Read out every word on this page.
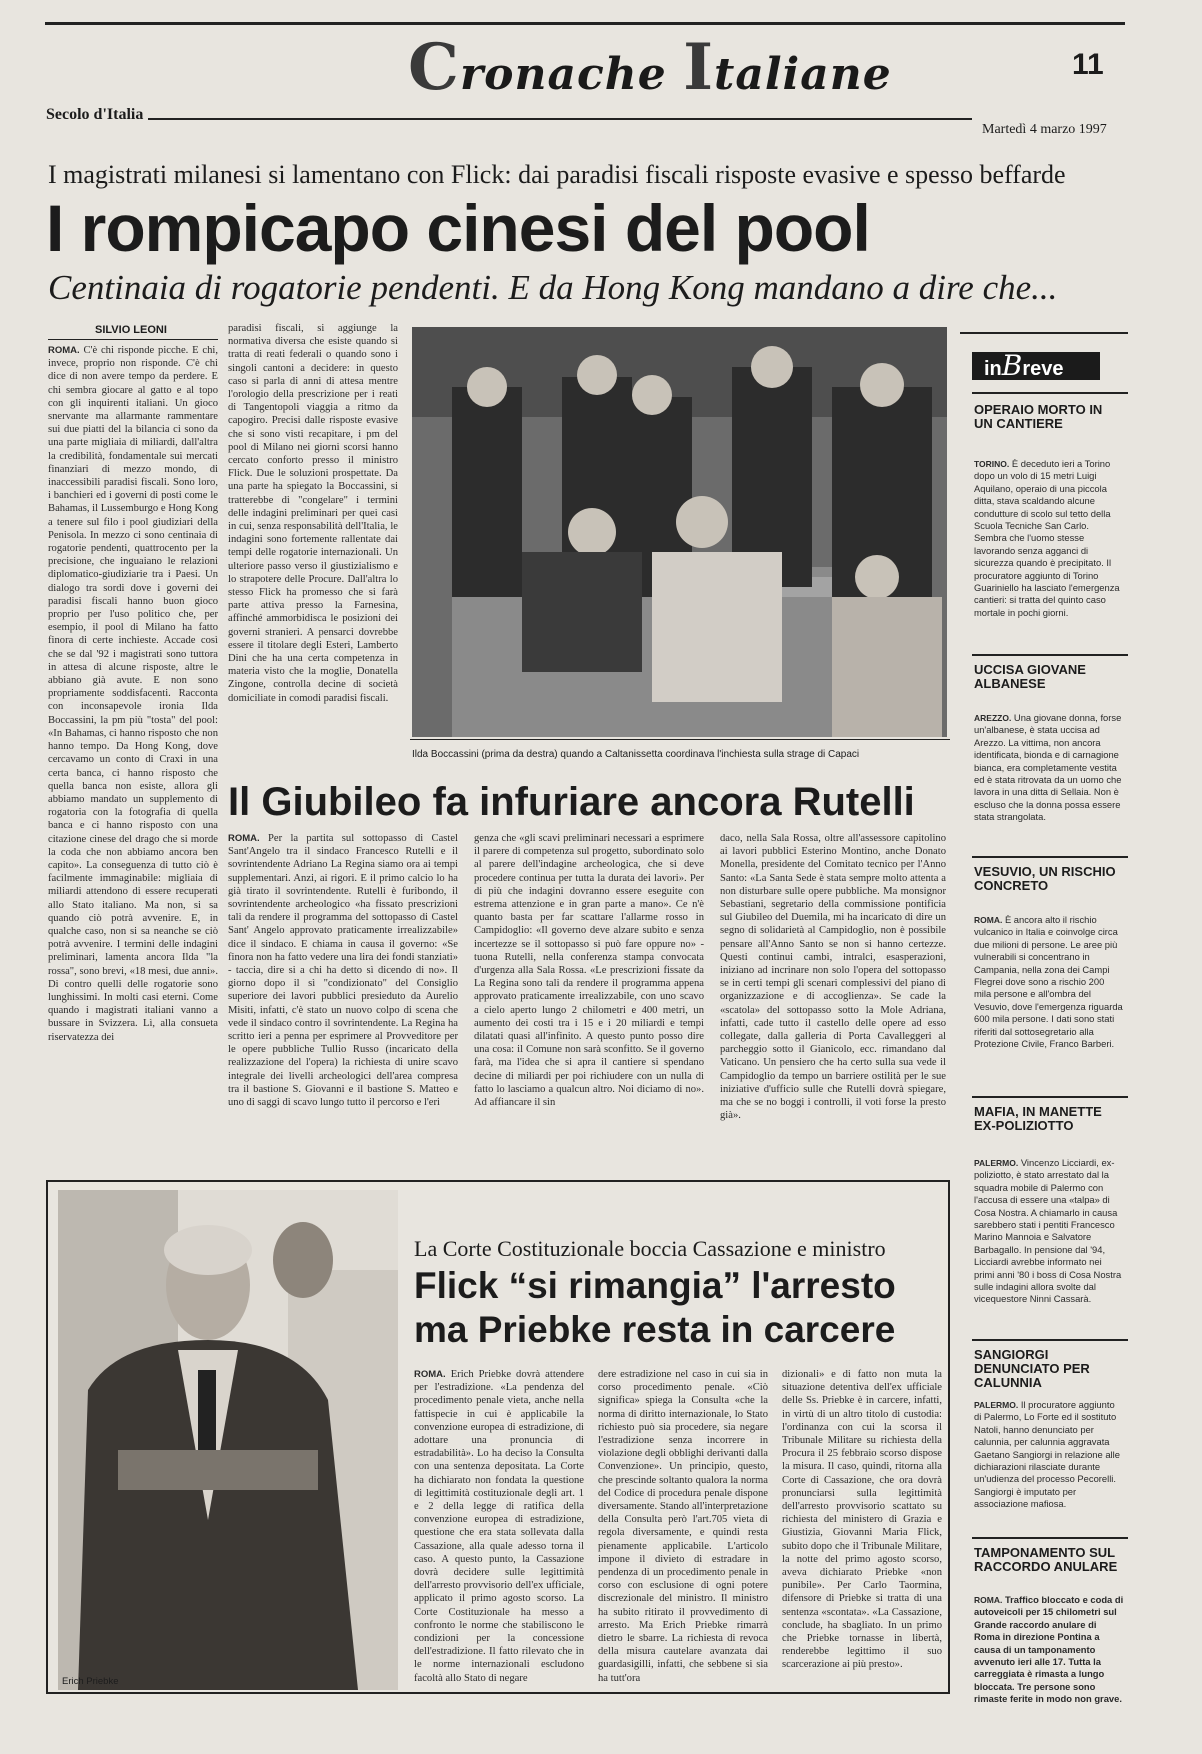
Cronache Italiane	11
Secolo d'Italia
Martedì 4 marzo 1997
I magistrati milanesi si lamentano con Flick: dai paradisi fiscali risposte evasive e spesso beffarde
I rompicapo cinesi del pool
Centinaia di rogatorie pendenti. E da Hong Kong mandano a dire che...
SILVIO LEONI
ROMA. C'è chi risponde picche. E chi, invece, proprio non risponde. C'è chi dice di non avere tempo da perdere. E chi sembra giocare al gatto e al topo con gli inquirenti italiani. Un gioco snervante ma allarmante rammentare sui due piatti del la bilancia ci sono da una parte migliaia di miliardi, dall'altra la credibilità, fondamentale sui mercati finanziari di mezzo mondo, di inaccessibili paradisi fiscali. Sono loro, i banchieri ed i governi di posti come le Bahamas, il Lussemburgo e Hong Kong a tenere sul filo i pool giudiziari della Penisola. In mezzo ci sono centinaia di rogatorie pendenti, quattrocento per la precisione, che inguaiano le relazioni diplomatico-giudiziarie tra i Paesi. Un dialogo tra sordi dove i governi dei paradisi fiscali hanno buon gioco proprio per l'uso politico che, per esempio, il pool di Milano ha fatto finora di certe inchieste. Accade così che se dal '92 i magistrati sono tuttora in attesa di alcune risposte, altre le abbiano già avute. E non sono propriamente soddisfacenti. Racconta con inconsapevole ironia Ilda Boccassini, la pm più "tosta" del pool: «In Bahamas, ci hanno risposto che non hanno tempo. Da Hong Kong, dove cercavamo un conto di Craxi in una certa banca, ci hanno risposto che quella banca non esiste, allora gli abbiamo mandato un supplemento di rogatoria con la fotografia di quella banca e ci hanno risposto con una citazione cinese del drago che si morde la coda che non abbiamo ancora ben capito». La conseguenza di tutto ciò è facilmente immaginabile: migliaia di miliardi attendono di essere recuperati allo Stato italiano. Ma non, si sa quando ciò potrà avvenire. E, in qualche caso, non si sa neanche se ciò potrà avvenire. I termini delle indagini preliminari, lamenta ancora Ilda "la rossa", sono brevi, «18 mesi, due anni». Di contro quelli delle rogatorie sono lunghissimi. In molti casi eterni. Come quando i magistrati italiani vanno a bussare in Svizzera. Lì, alla consueta riservatezza dei
paradisi fiscali, si aggiunge la normativa diversa che esiste quando si tratta di reati federali o quando sono i singoli cantoni a decidere: in questo caso si parla di anni di attesa mentre l'orologio della prescrizione per i reati di Tangentopoli viaggia a ritmo da capogiro. Precisi dalle risposte evasive che si sono visti recapitare, i pm del pool di Milano nei giorni scorsi hanno cercato conforto presso il ministro Flick. Due le soluzioni prospettate. Da una parte ha spiegato la Boccassini, si tratterebbe di "congelare" i termini delle indagini preliminari per quei casi in cui, senza responsabilità dell'Italia, le indagini sono fortemente rallentate dai tempi delle rogatorie internazionali. Un ulteriore passo verso il giustizialismo e lo strapotere delle Procure. Dall'altra lo stesso Flick ha promesso che si farà parte attiva presso la Farnesina, affinché ammorbidisca le posizioni dei governi stranieri. A pensarci dovrebbe essere il titolare degli Esteri, Lamberto Dini che ha una certa competenza in materia visto che la moglie, Donatella Zingone, controlla decine di società domiciliate in comodi paradisi fiscali.
Ilda Boccassini (prima da destra) quando a Caltanissetta coordinava l'inchiesta sulla strage di Capaci
Il Giubileo fa infuriare ancora Rutelli
ROMA. Per la partita sul sottopasso di Castel Sant'Angelo tra il sindaco Francesco Rutelli e il sovrintendente Adriano La Regina siamo ora ai tempi supplementari. Anzi, ai rigori. E il primo calcio lo ha già tirato il sovrintendente. Rutelli è furibondo, il sovrintendente archeologico «ha fissato prescrizioni tali da rendere il programma del sottopasso di Castel Sant' Angelo approvato praticamente irrealizzabile» dice il sindaco. E chiama in causa il governo: «Se finora non ha fatto vedere una lira dei fondi stanziati» - taccia, dire si a chi ha detto sì dicendo di no». Il giorno dopo il sì "condizionato" del Consiglio superiore dei lavori pubblici presieduto da Aurelio Misiti, infatti, c'è stato un nuovo colpo di scena che vede il sindaco contro il sovrintendente. La Regina ha scritto ieri a penna per esprimere al Provveditore per le opere pubbliche Tullio Russo (incaricato della realizzazione del l'opera) la richiesta di unire scavo integrale dei livelli archeologici dell'area compresa tra il bastione S. Giovanni e il bastione S. Matteo e uno di saggi di scavo lungo tutto il percorso e l'eri
genza che «gli scavi preliminari necessari a esprimere il parere di competenza sul progetto, subordinato solo al parere dell'indagine archeologica, che si deve procedere continua per tutta la durata dei lavori». Per di più che indagini dovranno essere eseguite con estrema attenzione e in gran parte a mano». Ce n'è quanto basta per far scattare l'allarme rosso in Campidoglio: «Il governo deve alzare subito e senza incertezze se il sottopasso si può fare oppure no» - tuona Rutelli, nella conferenza stampa convocata d'urgenza alla Sala Rossa. «Le prescrizioni fissate da La Regina sono tali da rendere il programma appena approvato praticamente irrealizzabile, con uno scavo a cielo aperto lungo 2 chilometri e 400 metri, un aumento dei costi tra i 15 e i 20 miliardi e tempi dilatati quasi all'infinito. A questo punto posso dire una cosa: il Comune non sarà sconfitto. Se il governo farà, ma l'idea che si apra il cantiere si spendano decine di miliardi per poi richiudere con un nulla di fatto lo lasciamo a qualcun altro. Noi diciamo di no». Ad affiancare il sin
daco, nella Sala Rossa, oltre all'assessore capitolino ai lavori pubblici Esterino Montino, anche Donato Monella, presidente del Comitato tecnico per l'Anno Santo: «La Santa Sede è stata sempre molto attenta a non disturbare sulle opere pubbliche. Ma monsignor Sebastiani, segretario della commissione pontificia sul Giubileo del Duemila, mi ha incaricato di dire un segno di solidarietà al Campidoglio, non è possibile pensare all'Anno Santo se non si hanno certezze. Questi continui cambi, intralci, esasperazioni, iniziano ad incrinare non solo l'opera del sottopasso se in certi tempi gli scenari complessivi del piano di organizzazione e di accoglienza». Se cade la «scatola» del sottopasso sotto la Mole Adriana, infatti, cade tutto il castello delle opere ad esso collegate, dalla galleria di Porta Cavalleggeri al parcheggio sotto il Gianicolo, ecc. rimandano dal Vaticano. Un pensiero che ha certo sulla sua vede il Campidoglio da tempo un barriere ostilità per le sue iniziative d'ufficio sulle che Rutelli dovrà spiegare, ma che se no boggi i controlli, il voti forse la presto già».
Erich Priebke
La Corte Costituzionale boccia Cassazione e ministro
Flick “si rimangia” l'arresto
ma Priebke resta in carcere
ROMA. Erich Priebke dovrà attendere per l'estradizione. «La pendenza del procedimento penale vieta, anche nella fattispecie in cui è applicabile la convenzione europea di estradizione, di adottare una pronuncia di estradabilità». Lo ha deciso la Consulta con una sentenza depositata. La Corte ha dichiarato non fondata la questione di legittimità costituzionale degli art. 1 e 2 della legge di ratifica della convenzione europea di estradizione, questione che era stata sollevata dalla Cassazione, alla quale adesso torna il caso. A questo punto, la Cassazione dovrà decidere sulle legittimità dell'arresto provvisorio dell'ex ufficiale, applicato il primo agosto scorso. La Corte Costituzionale ha messo a confronto le norme che stabiliscono le condizioni per la concessione dell'estradizione. Il fatto rilevato che in le norme internazionali escludono facoltà allo Stato di negare
dere estradizione nel caso in cui sia in corso procedimento penale. «Ciò significa» spiega la Consulta «che la norma di diritto internazionale, lo Stato richiesto può sia procedere, sia negare l'estradizione senza incorrere in violazione degli obblighi derivanti dalla Convenzione». Un principio, questo, che prescinde soltanto qualora la norma del Codice di procedura penale dispone diversamente. Stando all'interpretazione della Consulta però l'art.705 vieta di regola diversamente, e quindi resta pienamente applicabile. L'articolo impone il divieto di estradare in pendenza di un procedimento penale in corso con esclusione di ogni potere discrezionale del ministro. Il ministro ha subito ritirato il provvedimento di arresto. Ma Erich Priebke rimarrà dietro le sbarre. La richiesta di revoca della misura cautelare avanzata dai guardasigilli, infatti, che sebbene si sia ha tutt'ora
dizionali» e di fatto non muta la situazione detentiva dell'ex ufficiale delle Ss. Priebke è in carcere, infatti, in virtù di un altro titolo di custodia: l'ordinanza con cui la scorsa il Tribunale Militare su richiesta della Procura il 25 febbraio scorso dispose la misura. Il caso, quindi, ritorna alla Corte di Cassazione, che ora dovrà pronunciarsi sulla legittimità dell'arresto provvisorio scattato su richiesta del ministero di Grazia e Giustizia, Giovanni Maria Flick, subito dopo che il Tribunale Militare, la notte del primo agosto scorso, aveva dichiarato Priebke «non punibile». Per Carlo Taormina, difensore di Priebke si tratta di una sentenza «scontata». «La Cassazione, conclude, ha sbagliato. In un primo che Priebke tornasse in libertà, renderebbe legittimo il suo scarcerazione ai più presto».
inBreve
OPERAIO MORTO IN UN CANTIERE
TORINO. È deceduto ieri a Torino dopo un volo di 15 metri Luigi Aquilano, operaio di una piccola ditta, stava scaldando alcune condutture di scolo sul tetto della Scuola Tecniche San Carlo. Sembra che l'uomo stesse lavorando senza agganci di sicurezza quando è precipitato. Il procuratore aggiunto di Torino Guariniello ha lasciato l'emergenza cantieri: si tratta del quinto caso mortale in pochi giorni.
UCCISA GIOVANE ALBANESE
AREZZO. Una giovane donna, forse un'albanese, è stata uccisa ad Arezzo. La vittima, non ancora identificata, bionda e di carnagione bianca, era completamente vestita ed è stata ritrovata da un uomo che lavora in una ditta di Sellaia. Non è escluso che la donna possa essere stata strangolata.
VESUVIO, UN RISCHIO CONCRETO
ROMA. È ancora alto il rischio vulcanico in Italia e coinvolge circa due milioni di persone. Le aree più vulnerabili si concentrano in Campania, nella zona dei Campi Flegrei dove sono a rischio 200 mila persone e all'ombra del Vesuvio, dove l'emergenza riguarda 600 mila persone. I dati sono stati riferiti dal sottosegretario alla Protezione Civile, Franco Barberi.
MAFIA, IN MANETTE EX-POLIZIOTTO
PALERMO. Vincenzo Licciardi, ex-poliziotto, è stato arrestato dal la squadra mobile di Palermo con l'accusa di essere una «talpa» di Cosa Nostra. A chiamarlo in causa sarebbero stati i pentiti Francesco Marino Mannoia e Salvatore Barbagallo. In pensione dal '94, Licciardi avrebbe informato nei primi anni '80 i boss di Cosa Nostra sulle indagini allora svolte dal vicequestore Ninni Cassarà.
SANGIORGI DENUNCIATO PER CALUNNIA
PALERMO. Il procuratore aggiunto di Palermo, Lo Forte ed il sostituto Natoli, hanno denunciato per calunnia, per calunnia aggravata Gaetano Sangiorgi in relazione alle dichiarazioni rilasciate durante un'udienza del processo Pecorelli. Sangiorgi è imputato per associazione mafiosa.
TAMPONAMENTO SUL RACCORDO ANULARE
ROMA. Traffico bloccato e coda di autoveicoli per 15 chilometri sul Grande raccordo anulare di Roma in direzione Pontina a causa di un tamponamento avvenuto ieri alle 17. Tutta la carreggiata è rimasta a lungo bloccata. Tre persone sono rimaste ferite in modo non grave.
